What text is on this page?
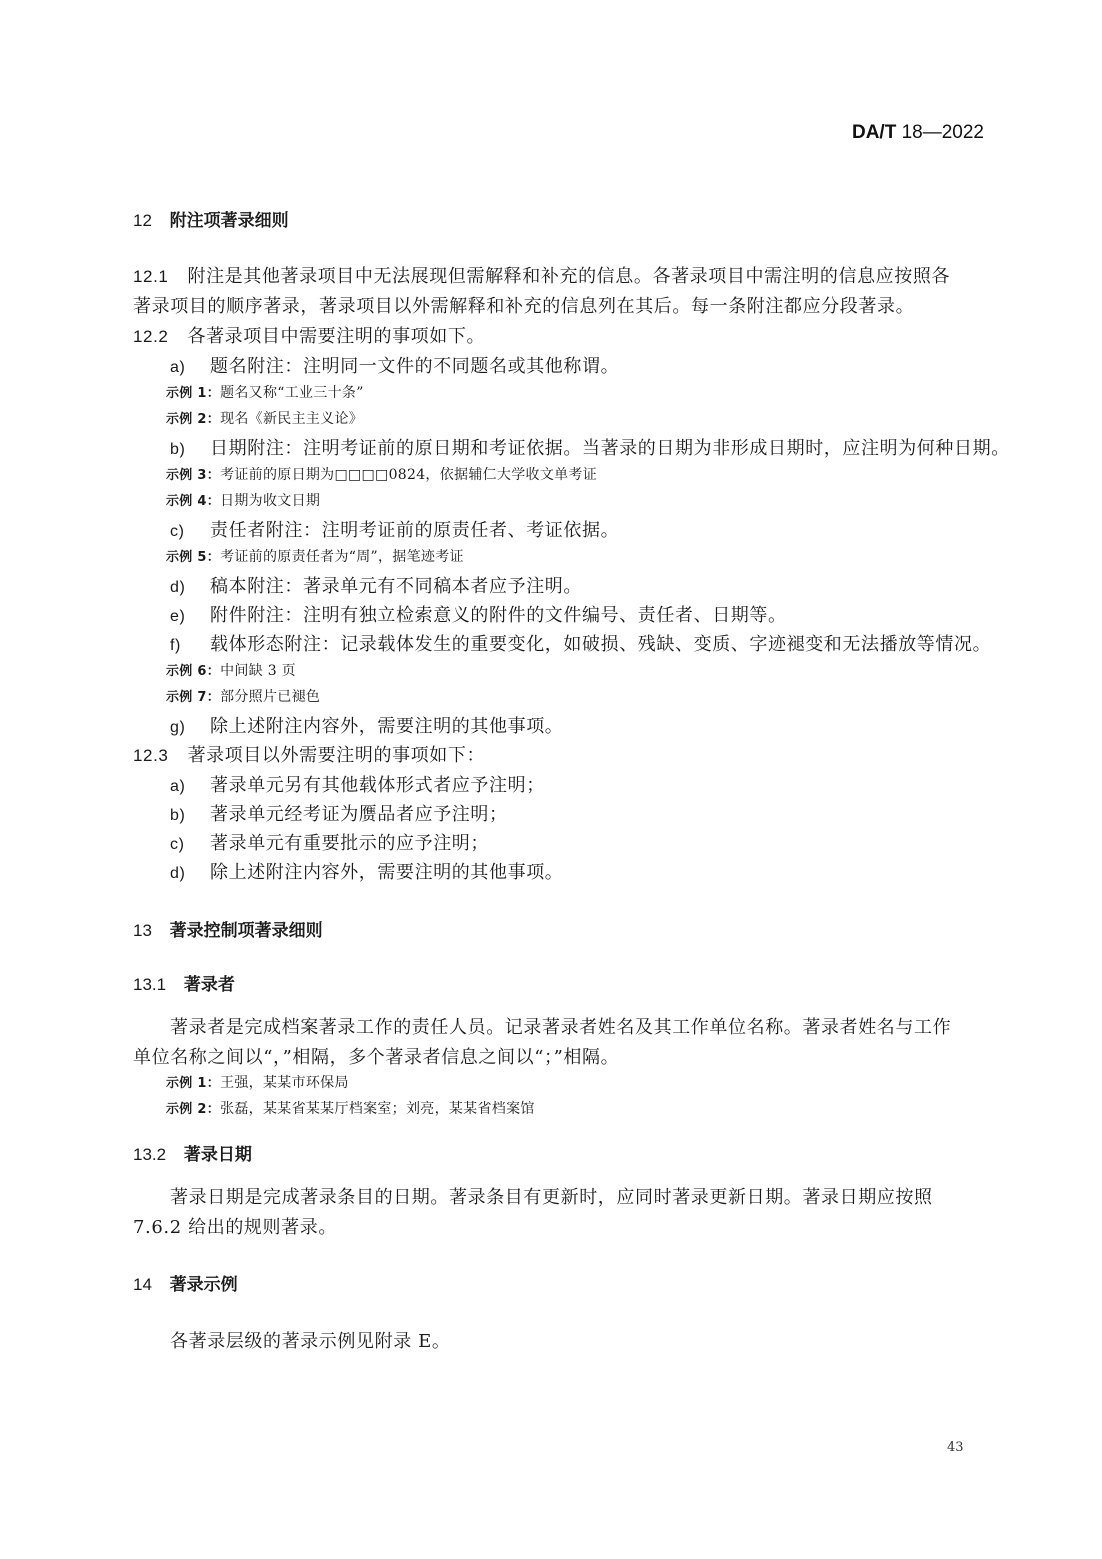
DA/T 18—2022
12 附注项著录细则
12.1 附注是其他著录项目中无法展现但需解释和补充的信息。各著录项目中需注明的信息应按照各
著录项目的顺序著录，著录项目以外需解释和补充的信息列在其后。每一条附注都应分段著录。
12.2 各著录项目中需要注明的事项如下。
a) 题名附注：注明同一文件的不同题名或其他称谓。
示例 1：题名又称“工业三十条”
示例 2：现名《新民主主义论》
b) 日期附注：注明考证前的原日期和考证依据。当著录的日期为非形成日期时，应注明为何种日期。
示例 3：考证前的原日期为□□□□0824，依据辅仁大学收文单考证
示例 4：日期为收文日期
c) 责任者附注：注明考证前的原责任者、考证依据。
示例 5：考证前的原责任者为“周”，据笔迹考证
d) 稿本附注：著录单元有不同稿本者应予注明。
e) 附件附注：注明有独立检索意义的附件的文件编号、责任者、日期等。
f) 载体形态附注：记录载体发生的重要变化，如破损、残缺、变质、字迹褪变和无法播放等情况。
示例 6：中间缺 3 页
示例 7：部分照片已褪色
g) 除上述附注内容外，需要注明的其他事项。
12.3 著录项目以外需要注明的事项如下：
a) 著录单元另有其他载体形式者应予注明；
b) 著录单元经考证为赝品者应予注明；
c) 著录单元有重要批示的应予注明；
d) 除上述附注内容外，需要注明的其他事项。
13 著录控制项著录细则
13.1 著录者
著录者是完成档案著录工作的责任人员。记录著录者姓名及其工作单位名称。著录者姓名与工作
单位名称之间以“，”相隔，多个著录者信息之间以“；”相隔。
示例 1：王强，某某市环保局
示例 2：张磊，某某省某某厅档案室；刘亮，某某省档案馆
13.2 著录日期
著录日期是完成著录条目的日期。著录条目有更新时，应同时著录更新日期。著录日期应按照
7.6.2 给出的规则著录。
14 著录示例
各著录层级的著录示例见附录 E。
43
